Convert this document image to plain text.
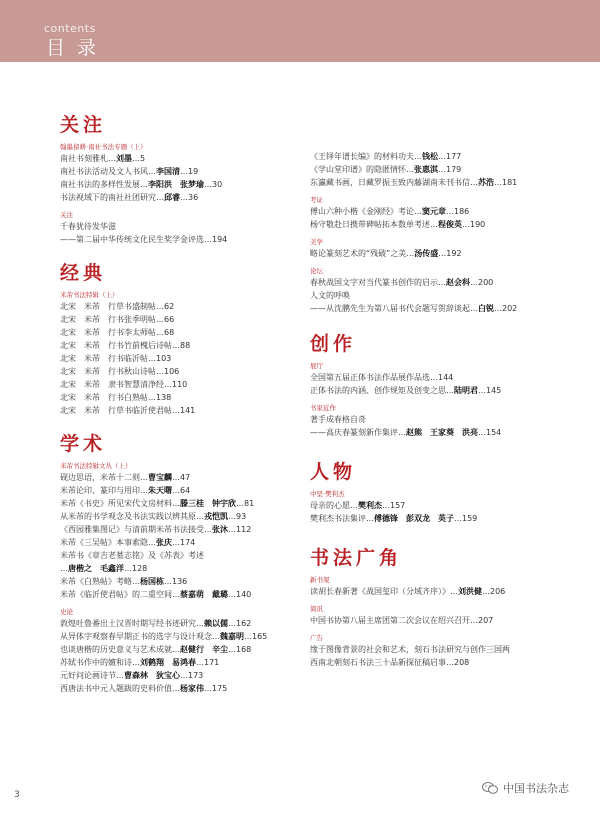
contents
目 录
关注
翰墨留耕·南社书法专题（上）
南社书刻雅札…刘墨…5
南社书法活动及文人书风…李国清…19
南社书法的多样性发展…李阳洪　张梦瑜…30
书法视域下的南社社团研究…邱睿…36
关注
千春犹待发华滋
——第二届中华传统文化民生奖学金评选…194
经典
米芾书法特辑（上）
北宋　米芾　行草书盛制帖…62
北宋　米芾　行书张季明帖…66
北宋　米芾　行书李太师帖…68
北宋　米芾　行书竹前槐后诗帖…88
北宋　米芾　行书临沂帖…103
北宋　米芾　行书秋山诗帖…106
北宋　米芾　隶书智慧清净经…110
北宋　米芾　行书白熟帖…138
北宋　米芾　行草书临沂使君帖…141
学术
米芾书法特辑文丛（上）
砚边思语，米芾十二则…曹宝麟…47
米芾论印、篆印与用印…朱天曙…64
米芾《书史》所见宋代文房材料…滕三桂　钟宇欣…81
从米芾的书学观念及书法实践以辨其原…戎恺凯…93
《西园雅集图记》与清前期米芾书法接受…张沐…112
米芾《三吴帖》本事索隐…张庆…174
米芾书《章吉老墓志铭》及《苏表》考述
…唐楷之　毛鑫洋…128
米芾《白熟帖》考略…杨国栋…136
米芾《临沂使君帖》的二重空间…蔡嘉萌　戴璐…140
史论
敦煌吐鲁番出土汉晋时期写经书迹研究…赖以儒…162
从异体字观察春早期正书的选字与设计观念…魏嘉明…165
也谈唐楷的历史意义与艺术成就…赵健行　辛尘…168
苏轼书作中的嬗和诗…刘鹤翔　易鸿春…171
元好问论画诗节…曹森林　狄宝心…173
西唐法书中元人题跋的史料价值…杨家伟…175
《王铎年谱长编》的材料功夫…钱松…177
《学山堂印谱》的隐匿情怀…张惠淇…179
东瀛藏书画，日藏罗振玉致内藤湖南未刊书信…苏浩…181
考证
傅山六种小楷《金刚经》考论…窦元章…186
杨守敬赴日携带碑帖拓本数单考述…程俊英…190
美学
略论篆刻艺术的“残破”之美…汤传盛…192
论坛
春秋战国文字对当代篆书创作的启示…赵会科…200
人文的呼唤
——从沈鹏先生为第八届书代会题写贺辞谈起…白锐…202
创作
展厅
全国第五届正体书法作品展作品选…144
正体书法的内涵、创作规矩及创变之思…陆明君…145
书家近作
著手成春格自奇
——高庆春篆刻新作集评…赵熊　王家葵　洪亮…154
人物
中坚·樊利杰
母亲的心愿…樊利杰…157
樊利杰书法集评…傅德锋　彭双龙　英子…159
书法广角
新书架
读胡长春新著《战国玺印（分域齐序）》…刘洪健…206
简讯
中国书协第八届主席团第二次会议在绍兴召开…207
广告
缘于图像背景的社会和艺术，刻石书法研究与创作三国两
西南北朝刻石书法三十品新探征稿启事…208
3	中国书法杂志
